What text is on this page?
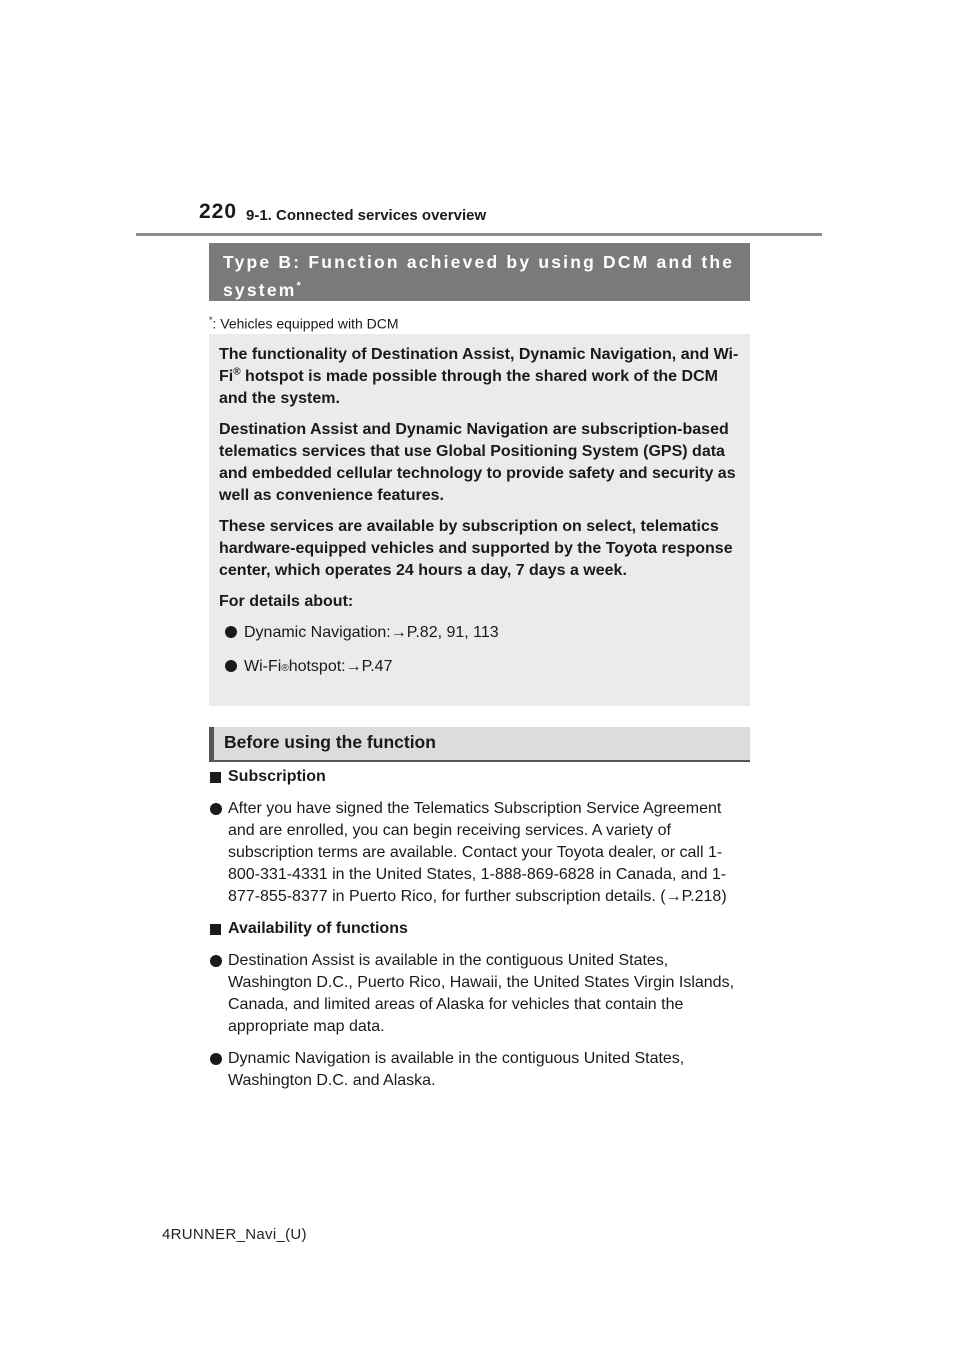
220 9-1. Connected services overview
Type B: Function achieved by using DCM and the
system*
*: Vehicles equipped with DCM

The functionality of Destination Assist, Dynamic Navigation, and Wi-Fi® hotspot is made possible through the shared work of the DCM and the system.

Destination Assist and Dynamic Navigation are subscription-based telematics services that use Global Positioning System (GPS) data and embedded cellular technology to provide safety and security as well as convenience features.

These services are available by subscription on select, telematics hardware-equipped vehicles and supported by the Toyota response center, which operates 24 hours a day, 7 days a week.

For details about:

Dynamic Navigation: →P.82, 91, 113
Wi-Fi ® hotspot: →P.47
Before using the function
Subscription
After you have signed the Telematics Subscription Service Agreement and are enrolled, you can begin receiving services. A variety of subscription terms are available. Contact your Toyota dealer, or call 1-800-331-4331 in the United States, 1-888-869-6828 in Canada, and 1-877-855-8377 in Puerto Rico, for further subscription details. (→P.218)
Availability of functions
Destination Assist is available in the contiguous United States, Washington D.C., Puerto Rico, Hawaii, the United States Virgin Islands, Canada, and limited areas of Alaska for vehicles that contain the appropriate map data.
Dynamic Navigation is available in the contiguous United States, Washington D.C. and Alaska.
4RUNNER_Navi_(U)
